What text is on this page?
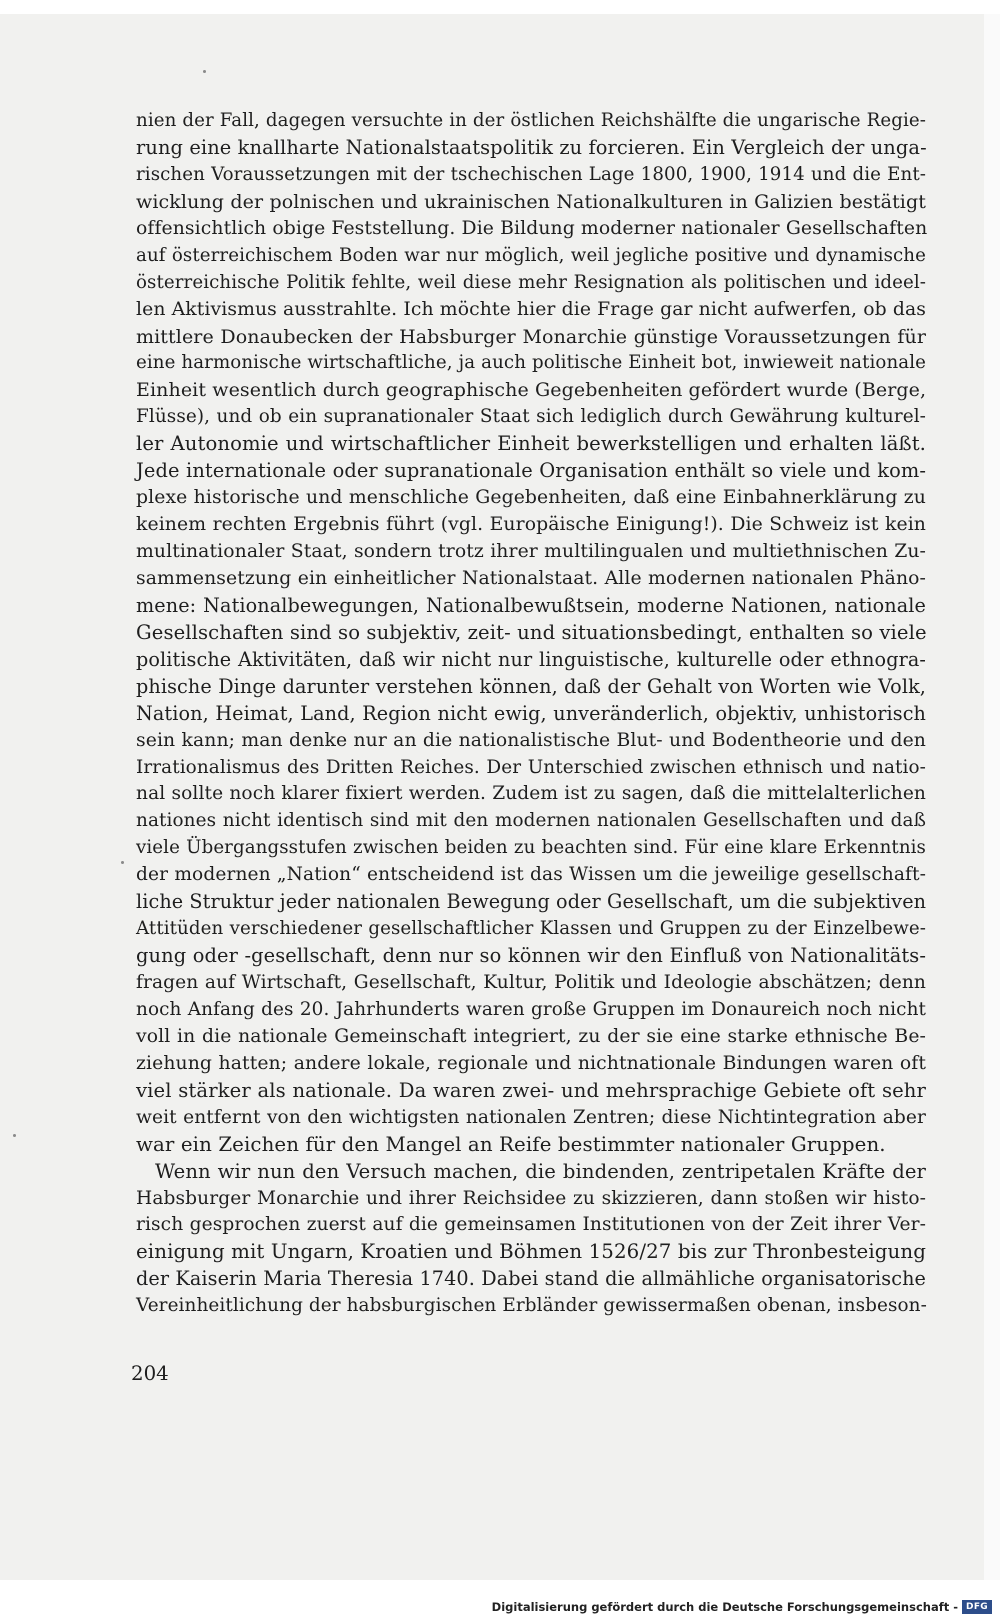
nien der Fall, dagegen versuchte in der östlichen Reichshälfte die ungarische Regie-
rung eine knallharte Nationalstaatspolitik zu forcieren. Ein Vergleich der unga-
rischen Voraussetzungen mit der tschechischen Lage 1800, 1900, 1914 und die Ent-
wicklung der polnischen und ukrainischen Nationalkulturen in Galizien bestätigt
offensichtlich obige Feststellung. Die Bildung moderner nationaler Gesellschaften
auf österreichischem Boden war nur möglich, weil jegliche positive und dynamische
österreichische Politik fehlte, weil diese mehr Resignation als politischen und ideel-
len Aktivismus ausstrahlte. Ich möchte hier die Frage gar nicht aufwerfen, ob das
mittlere Donaubecken der Habsburger Monarchie günstige Voraussetzungen für
eine harmonische wirtschaftliche, ja auch politische Einheit bot, inwieweit nationale
Einheit wesentlich durch geographische Gegebenheiten gefördert wurde (Berge,
Flüsse), und ob ein supranationaler Staat sich lediglich durch Gewährung kulturel-
ler Autonomie und wirtschaftlicher Einheit bewerkstelligen und erhalten läßt.
Jede internationale oder supranationale Organisation enthält so viele und kom-
plexe historische und menschliche Gegebenheiten, daß eine Einbahnerklärung zu
keinem rechten Ergebnis führt (vgl. Europäische Einigung!). Die Schweiz ist kein
multinationaler Staat, sondern trotz ihrer multilingualen und multiethnischen Zu-
sammensetzung ein einheitlicher Nationalstaat. Alle modernen nationalen Phäno-
mene: Nationalbewegungen, Nationalbewußtsein, moderne Nationen, nationale
Gesellschaften sind so subjektiv, zeit- und situationsbedingt, enthalten so viele
politische Aktivitäten, daß wir nicht nur linguistische, kulturelle oder ethnogra-
phische Dinge darunter verstehen können, daß der Gehalt von Worten wie Volk,
Nation, Heimat, Land, Region nicht ewig, unveränderlich, objektiv, unhistorisch
sein kann; man denke nur an die nationalistische Blut- und Bodentheorie und den
Irrationalismus des Dritten Reiches. Der Unterschied zwischen ethnisch und natio-
nal sollte noch klarer fixiert werden. Zudem ist zu sagen, daß die mittelalterlichen
nationes nicht identisch sind mit den modernen nationalen Gesellschaften und daß
viele Übergangsstufen zwischen beiden zu beachten sind. Für eine klare Erkenntnis
der modernen „Nation“ entscheidend ist das Wissen um die jeweilige gesellschaft-
liche Struktur jeder nationalen Bewegung oder Gesellschaft, um die subjektiven
Attitüden verschiedener gesellschaftlicher Klassen und Gruppen zu der Einzelbewe-
gung oder -gesellschaft, denn nur so können wir den Einfluß von Nationalitäts-
fragen auf Wirtschaft, Gesellschaft, Kultur, Politik und Ideologie abschätzen; denn
noch Anfang des 20. Jahrhunderts waren große Gruppen im Donaureich noch nicht
voll in die nationale Gemeinschaft integriert, zu der sie eine starke ethnische Be-
ziehung hatten; andere lokale, regionale und nichtnationale Bindungen waren oft
viel stärker als nationale. Da waren zwei- und mehrsprachige Gebiete oft sehr
weit entfernt von den wichtigsten nationalen Zentren; diese Nichtintegration aber
war ein Zeichen für den Mangel an Reife bestimmter nationaler Gruppen.
Wenn wir nun den Versuch machen, die bindenden, zentripetalen Kräfte der
Habsburger Monarchie und ihrer Reichsidee zu skizzieren, dann stoßen wir histo-
risch gesprochen zuerst auf die gemeinsamen Institutionen von der Zeit ihrer Ver-
einigung mit Ungarn, Kroatien und Böhmen 1526/27 bis zur Thronbesteigung
der Kaiserin Maria Theresia 1740. Dabei stand die allmähliche organisatorische
Vereinheitlichung der habsburgischen Erbländer gewissermaßen obenan, insbeson-
204
Digitalisierung gefördert durch die Deutsche Forschungsgemeinschaft - DFG
